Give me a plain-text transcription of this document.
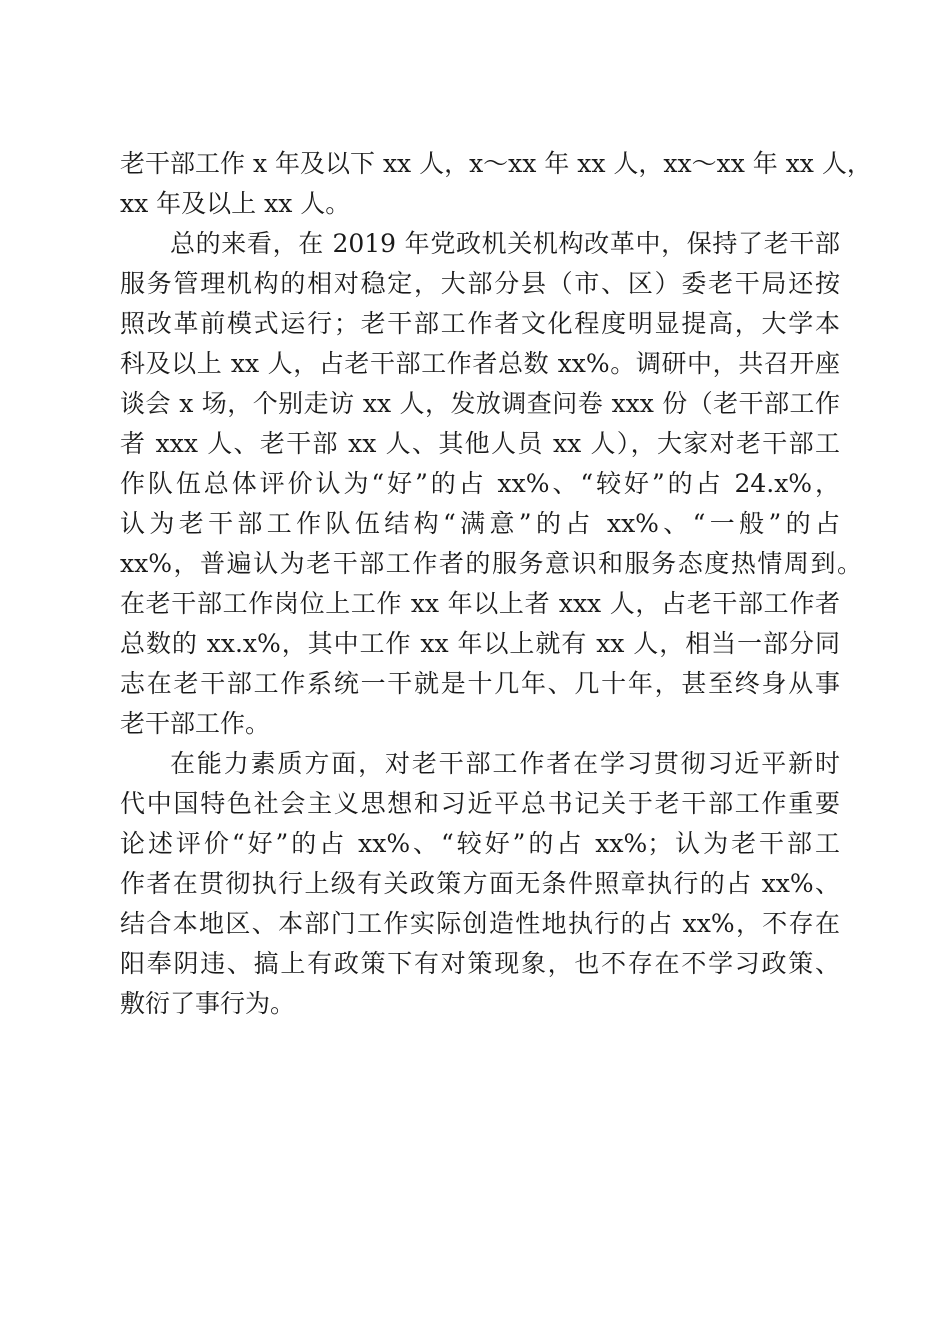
老干部工作 x 年及以下 xx 人，x～xx 年 xx 人，xx～xx 年 xx 人，
xx 年及以上 xx 人。
总的来看，在 2019 年党政机关机构改革中，保持了老干部
服务管理机构的相对稳定，大部分县（市、区）委老干局还按
照改革前模式运行；老干部工作者文化程度明显提高，大学本
科及以上 xx 人，占老干部工作者总数 xx%。调研中，共召开座
谈会 x 场，个别走访 xx 人，发放调查问卷 xxx 份（老干部工作
者 xxx 人、老干部 xx 人、其他人员 xx 人），大家对老干部工
作队伍总体评价认为“好”的占 xx%、“较好”的占 24.x%，
认为老干部工作队伍结构“满意”的占 xx%、“一般”的占
xx%，普遍认为老干部工作者的服务意识和服务态度热情周到。
在老干部工作岗位上工作 xx 年以上者 xxx 人，占老干部工作者
总数的 xx.x%，其中工作 xx 年以上就有 xx 人，相当一部分同
志在老干部工作系统一干就是十几年、几十年，甚至终身从事
老干部工作。
在能力素质方面，对老干部工作者在学习贯彻习近平新时
代中国特色社会主义思想和习近平总书记关于老干部工作重要
论述评价“好”的占 xx%、“较好”的占 xx%；认为老干部工
作者在贯彻执行上级有关政策方面无条件照章执行的占 xx%、
结合本地区、本部门工作实际创造性地执行的占 xx%，不存在
阳奉阴违、搞上有政策下有对策现象，也不存在不学习政策、
敷衍了事行为。
